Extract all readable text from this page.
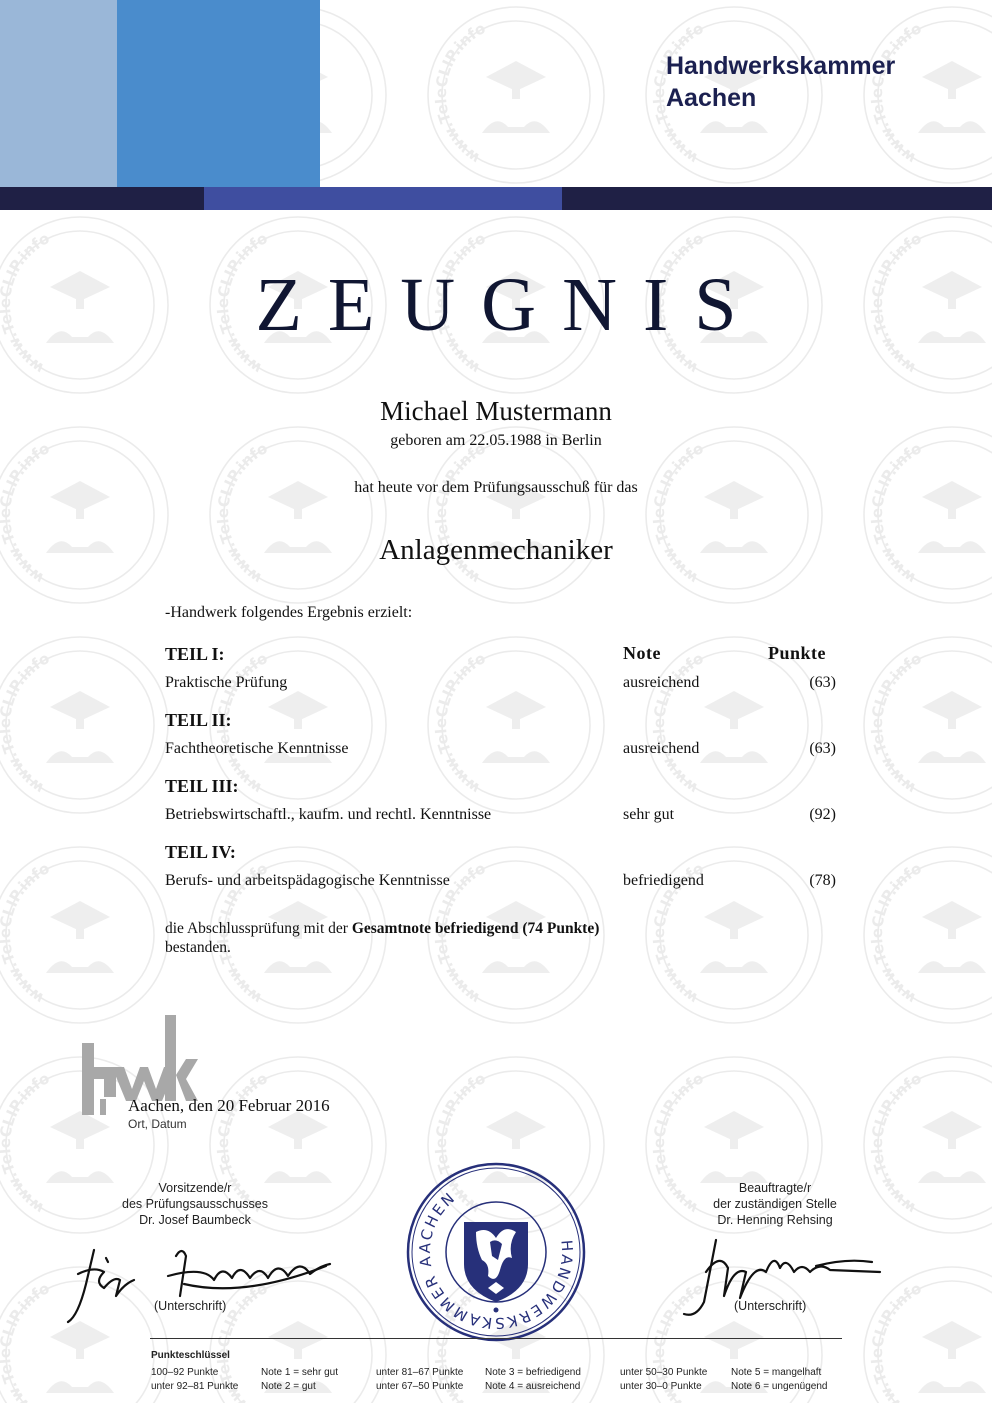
Handwerkskammer
Aachen
ZEUGNIS
Michael Mustermann
geboren am 22.05.1988 in Berlin
hat heute vor dem Prüfungsausschuß für das
Anlagenmechaniker
-Handwerk folgendes Ergebnis erzielt:
Note	Punkte
TEIL I:
Praktische Prüfung	ausreichend	(63)
TEIL II:
Fachtheoretische Kenntnisse	ausreichend	(63)
TEIL III:
Betriebswirtschaftl., kaufm. und rechtl. Kenntnisse	sehr gut	(92)
TEIL IV:
Berufs- und arbeitspädagogische Kenntnisse	befriedigend	(78)
die Abschlussprüfung mit der Gesamtnote befriedigend (74 Punkte)
bestanden.
hwk
Aachen, den 20 Februar 2016
Ort, Datum
Vorsitzende/r
des Prüfungsausschusses
Dr. Josef Baumbeck
Beauftragte/r
der zuständigen Stelle
Dr. Henning Rehsing
(Unterschrift)	(Unterschrift)
HANDWERKSKAMMER AACHEN
Punkteschlüssel
100–92 Punkte	Note 1 = sehr gut	unter 81–67 Punkte Note 3 = befriedigend	unter 50–30 Punkte Note 5 = mangelhaft
unter 92–81 Punkte Note 2 = gut	unter 67–50 Punkte Note 4 = ausreichend	unter 30–0 Punkte	Note 6 = ungenügend
